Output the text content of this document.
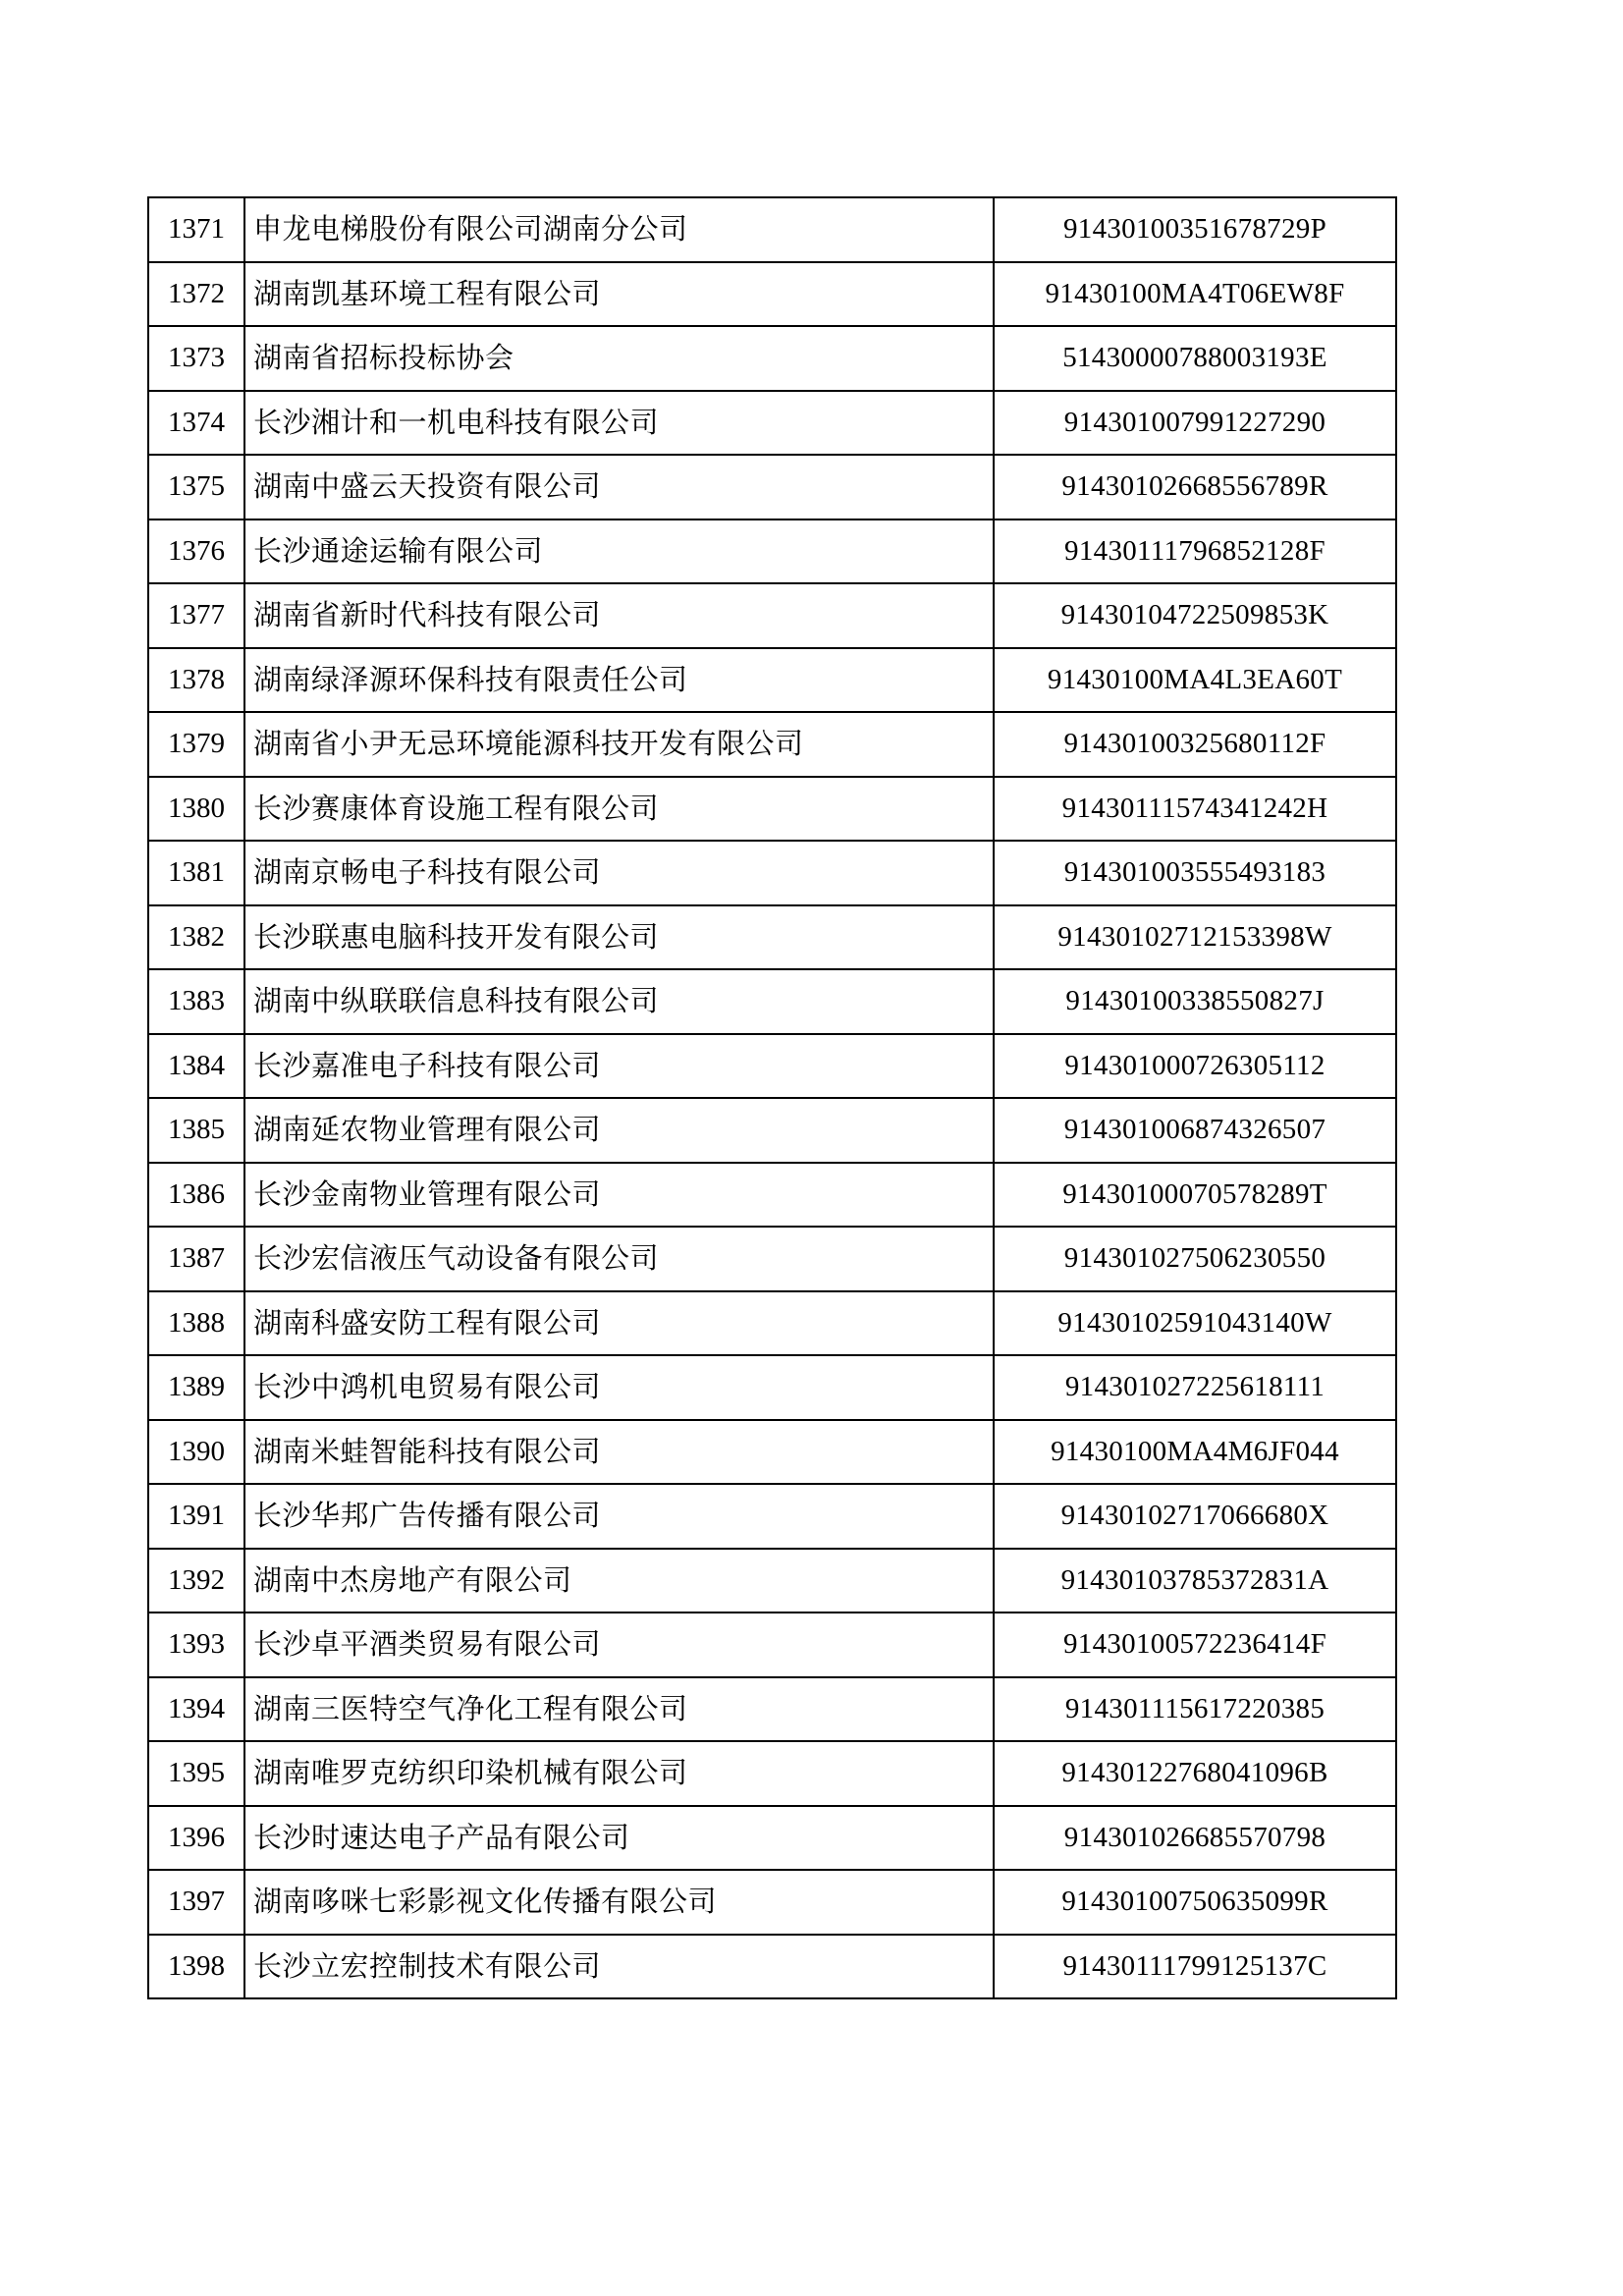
1371	申龙电梯股份有限公司湖南分公司	91430100351678729P
1372	湖南凯基环境工程有限公司	91430100MA4T06EW8F
1373	湖南省招标投标协会	51430000788003193E
1374	长沙湘计和一机电科技有限公司	914301007991227290
1375	湖南中盛云天投资有限公司	91430102668556789R
1376	长沙通途运输有限公司	91430111796852128F
1377	湖南省新时代科技有限公司	91430104722509853K
1378	湖南绿泽源环保科技有限责任公司	91430100MA4L3EA60T
1379	湖南省小尹无忌环境能源科技开发有限公司	91430100325680112F
1380	长沙赛康体育设施工程有限公司	91430111574341242H
1381	湖南京畅电子科技有限公司	914301003555493183
1382	长沙联惠电脑科技开发有限公司	91430102712153398W
1383	湖南中纵联联信息科技有限公司	91430100338550827J
1384	长沙嘉准电子科技有限公司	914301000726305112
1385	湖南延农物业管理有限公司	914301006874326507
1386	长沙金南物业管理有限公司	91430100070578289T
1387	长沙宏信液压气动设备有限公司	914301027506230550
1388	湖南科盛安防工程有限公司	91430102591043140W
1389	长沙中鸿机电贸易有限公司	914301027225618111
1390	湖南米蛙智能科技有限公司	91430100MA4M6JF044
1391	长沙华邦广告传播有限公司	91430102717066680X
1392	湖南中杰房地产有限公司	91430103785372831A
1393	长沙卓平酒类贸易有限公司	91430100572236414F
1394	湖南三医特空气净化工程有限公司	914301115617220385
1395	湖南唯罗克纺织印染机械有限公司	91430122768041096B
1396	长沙时速达电子产品有限公司	914301026685570798
1397	湖南哆咪七彩影视文化传播有限公司	91430100750635099R
1398	长沙立宏控制技术有限公司	91430111799125137C
